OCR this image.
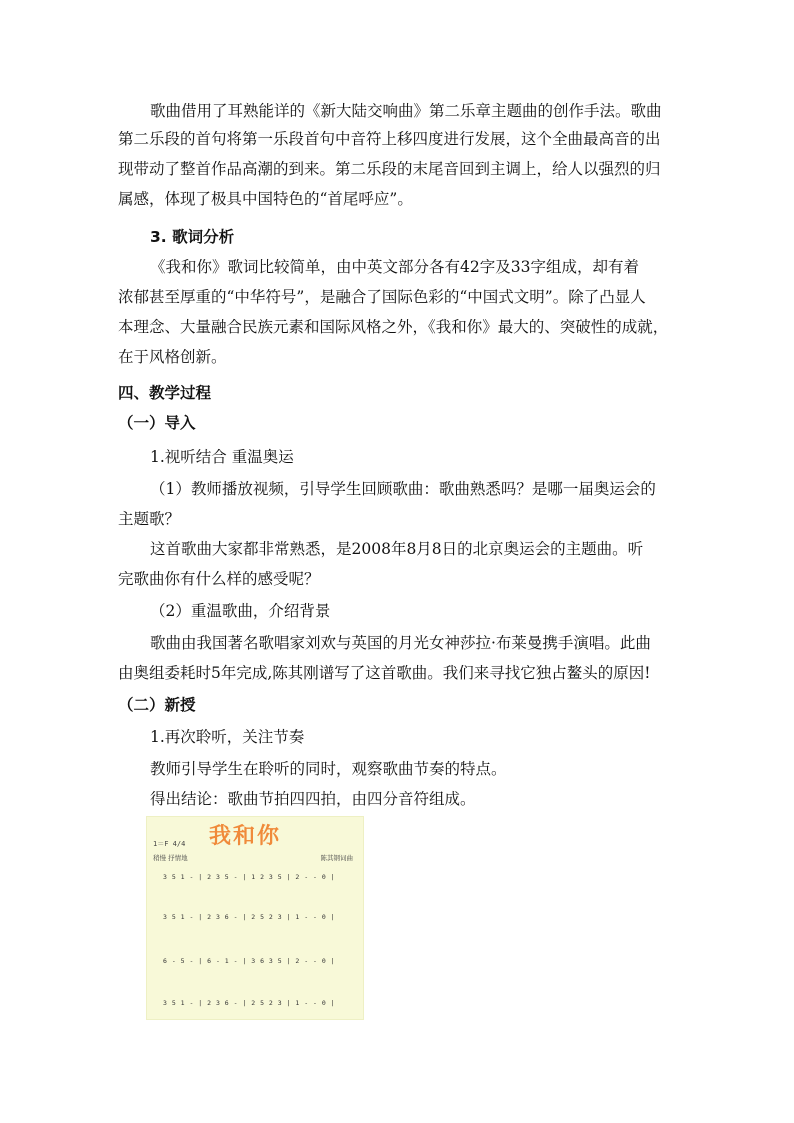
歌曲借用了耳熟能详的《新大陆交响曲》第二乐章主题曲的创作手法。歌曲
第二乐段的首句将第一乐段首句中音符上移四度进行发展，这个全曲最高音的出
现带动了整首作品高潮的到来。第二乐段的末尾音回到主调上，给人以强烈的归
属感，体现了极具中国特色的“首尾呼应”。
3. 歌词分析
《我和你》歌词比较简单，由中英文部分各有42字及33字组成，却有着
浓郁甚至厚重的“中华符号”，是融合了国际色彩的“中国式文明”。除了凸显人
本理念、大量融合民族元素和国际风格之外，《我和你》最大的、突破性的成就，
在于风格创新。
四、教学过程
（一）导入
1.视听结合 重温奥运
（1）教师播放视频，引导学生回顾歌曲：歌曲熟悉吗？是哪一届奥运会的
主题歌？
这首歌曲大家都非常熟悉，是2008年8月8日的北京奥运会的主题曲。听
完歌曲你有什么样的感受呢？
（2）重温歌曲，介绍背景
歌曲由我国著名歌唱家刘欢与英国的月光女神莎拉·布莱曼携手演唱。此曲
由奥组委耗时5年完成,陈其刚谱写了这首歌曲。我们来寻找它独占鳌头的原因!
（二）新授
1.再次聆听，关注节奏
教师引导学生在聆听的同时，观察歌曲节奏的特点。
得出结论：歌曲节拍四四拍，由四分音符组成。
我和你
1＝F 4/4
稍慢 抒情地	陈其钢词曲
3 5 1 - | 2 3 5 - | 1 2 3 5 | 2 - - 0 |
3 5 1 - | 2 3 6 - | 2 5 2 3 | 1 - - 0 |
6 - 5 - | 6 - 1 - | 3 6 3 5 | 2 - - 0 |
3 5 1 - | 2 3 6 - | 2 5 2 3 | 1 - - 0 |
